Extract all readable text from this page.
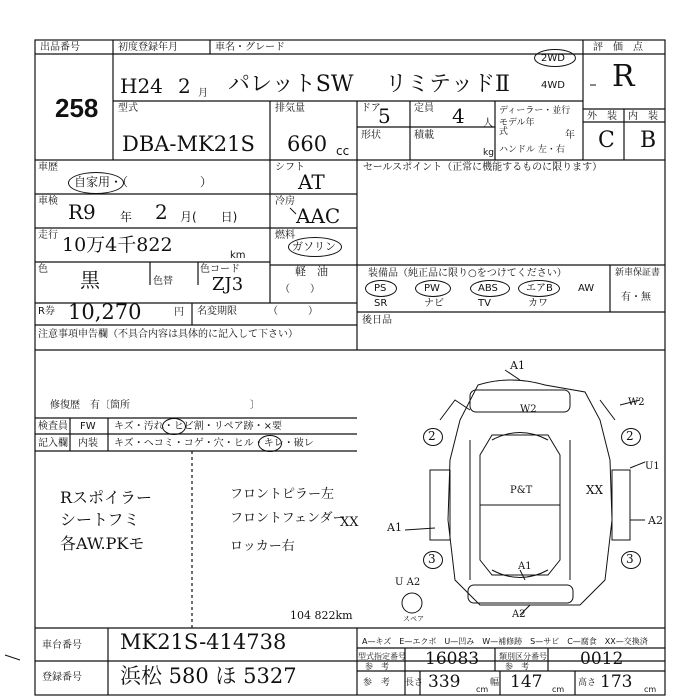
出品番号
258
初度登録年月	車名・グレード
H24 2 月 パレットSW リミテッドⅡ
2WD
4WD
評　価　点
R
外　装 内　装
C B
型式
DBA-MK21S
排気量
660 cc
ドア
5 定員 4 人
形状	積載
kg
ディーラー・並行
モデル年式	年
ハンドル 左・右
車歴
自家用・（　　　　　　）
車検 R9 年 2 月(　　日)
走行 10万4千822	km
色 黒	色替
色コード
ZJ3
R券 10,270	円 名変期限	（　　　）
注意事項申告欄（不具合内容は具体的に記入して下さい）
修復歴　有〔箇所　　　　　　　　　　　　〕
検査員
記入欄
FW
内装
キズ・汚れ・ヒビ割・リペア跡・×要
キズ・ヘコミ・コゲ・穴・ヒル・キレ・破レ
Rスポイラー
シートフミ
各AW.PKモ
フロントピラー左
フロントフェンダー
ロッカー右
XX
シフト
AT
冷房
AAC
燃料
ガソリン
軽　油
（　　）
セールスポイント（正常に機能するものに限ります）
装備品（純正品に限り○をつけてください）	新車保証書
有・無
PS	PW	ABS	エアB	AW
SR	ナビ	TV	カワ
後日品
A1
W2
W2
2	2
U1
P&T	XX
A1
A2
3	3
A1
U A2
スペア	A2
104 822km
車台番号 MK21S-414738
登録番号 浜松 580 ほ 5327
A—キズ　E—エクボ　U—凹み　W—補修跡　S—サビ　C—腐食　XX—交換済
型式指定番号
参　考 16083 類別区分番号
参　考	0012
参　考 長さ 339 cm
幅 147 cm
高さ 173 cm
